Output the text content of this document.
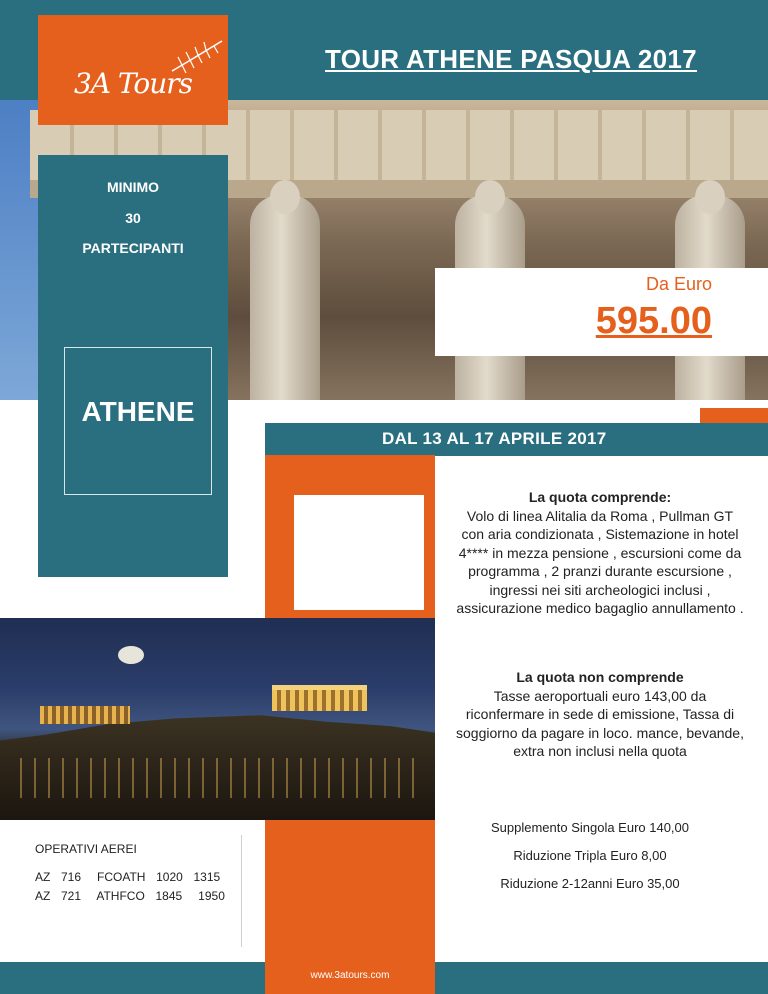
3A Tours
TOUR ATHENE PASQUA 2017
MINIMO
30
PARTECIPANTI
ATHENE
Da Euro
595.00
DAL 13 AL 17 APRILE 2017
La quota comprende:

Volo di linea Alitalia da Roma , Pullman GT con aria condizionata , Sistemazione in hotel 4**** in mezza pensione , escursioni come da programma , 2 pranzi durante escursione , ingressi nei siti archeologici inclusi , assicurazione medico bagaglio annullamento .

La quota non comprende

Tasse aeroportuali euro 143,00 da riconfermare in sede di emissione, Tassa di soggiorno da pagare in loco. mance, bevande, extra non inclusi nella quota

Supplemento Singola Euro 140,00
Riduzione Tripla Euro 8,00
Riduzione 2-12anni Euro 35,00
OPERATIVI AEREI
AZ  716   FCOATH  1020  1315
AZ  721   ATHFCO  1845   1950
www.3atours.com
